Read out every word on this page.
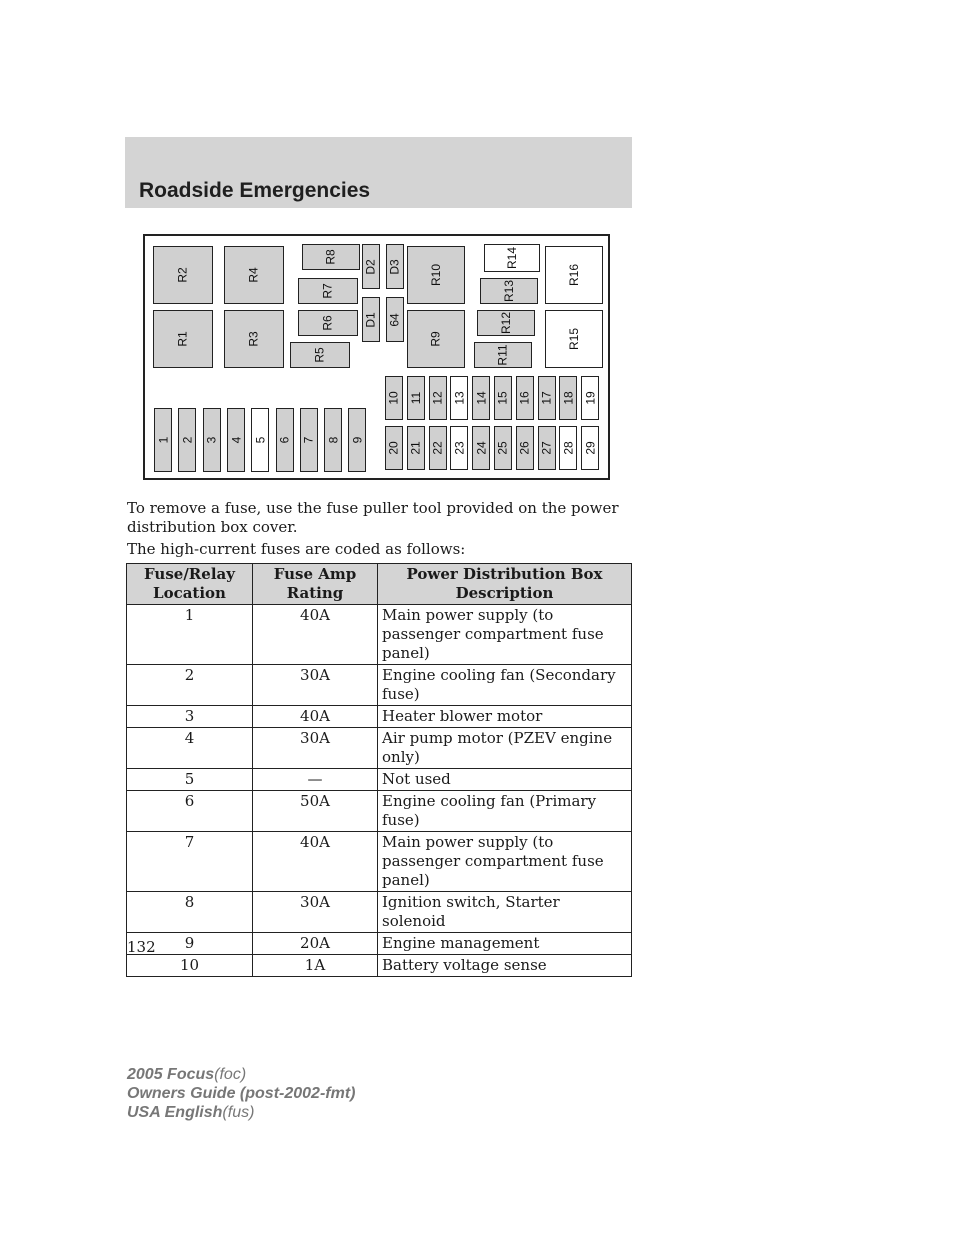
Roadside Emergencies
R1
R2
R3
R4
R5
R6
R7
R8
R9
R10
R11
R12
R13
R14
R15
R16
D1
D2 D3
64
1 2 3 4 5 6 7 8 9
10
20
11
21
12
22
13
23
14
24
15
25
16
26
17
27
18
28
19
29
To remove a fuse, use the fuse puller tool provided on the power distribution box cover.
The high-current fuses are coded as follows:
Fuse/Relay Location	Fuse Amp Rating	Power Distribution Box Description
1	40A	Main power supply (to passenger compartment fuse panel)
2	30A	Engine cooling fan (Secondary fuse)
3	40A	Heater blower motor
4	30A	Air pump motor (PZEV engine only)
5	—	Not used
6	50A	Engine cooling fan (Primary fuse)
7	40A	Main power supply (to passenger compartment fuse panel)
8	30A	Ignition switch, Starter solenoid
9	20A	Engine management
10	1A	Battery voltage sense
132
2005 Focus(foc)
Owners Guide (post-2002-fmt)
USA English(fus)
